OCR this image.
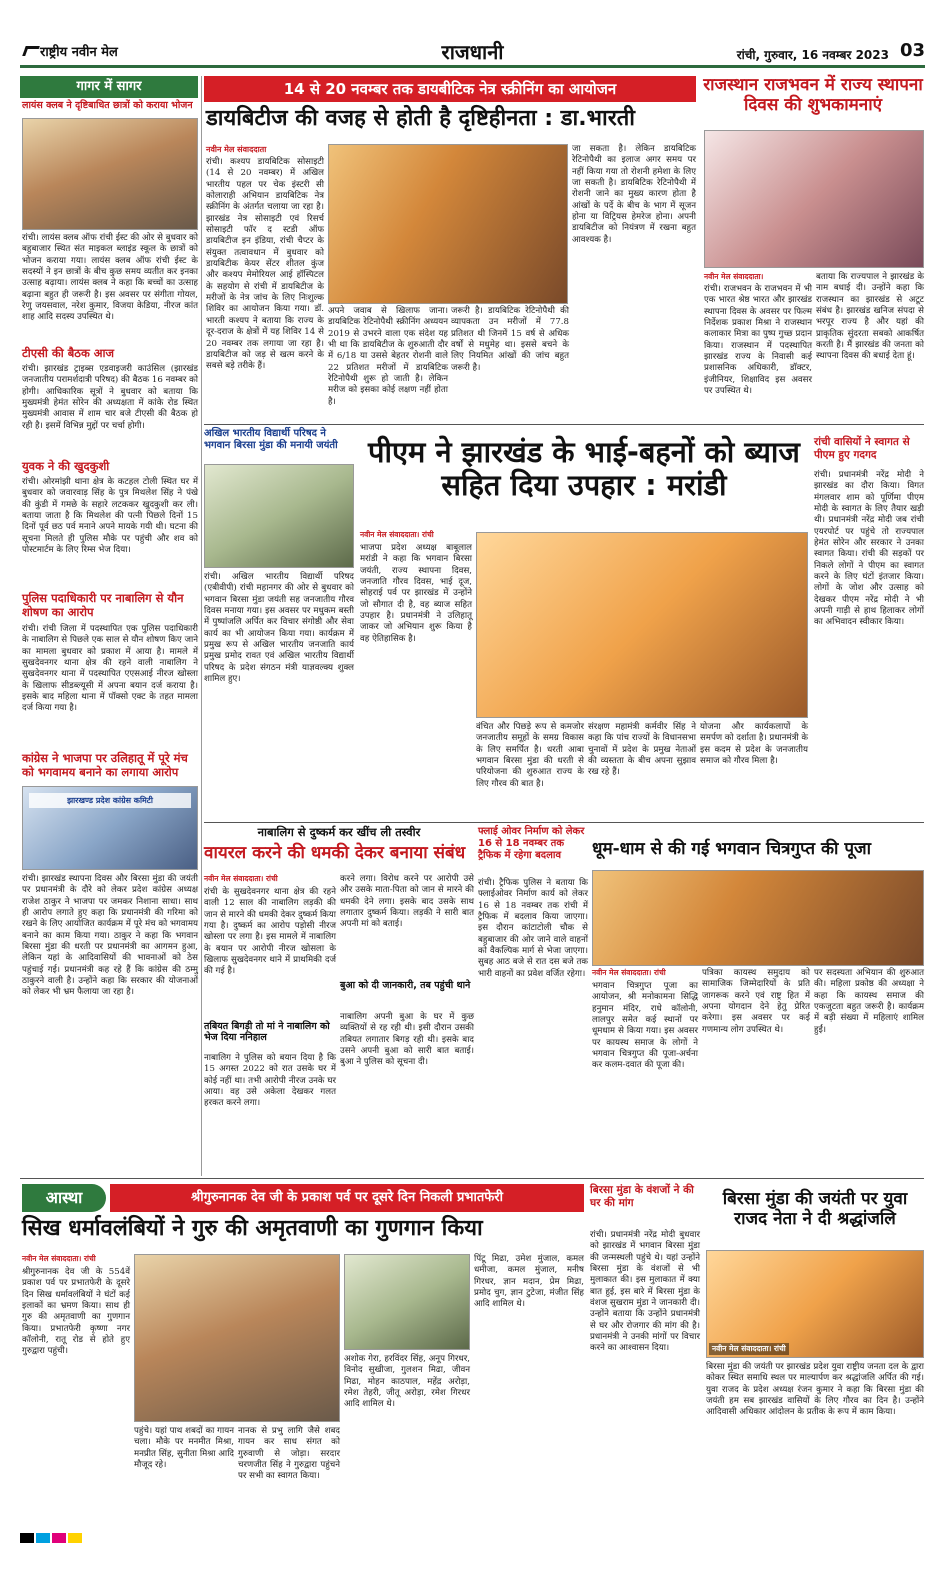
राष्ट्रीय नवीन मेल	राजधानी	रांची, गुरुवार, 16 नवम्बर 2023 03
गागर में सागर
लायंस क्लब ने दृष्टिबाधित छात्रों को कराया भोजन
रांची। लायंस क्लब ऑफ रांची ईस्ट की ओर से बुधवार को बहुबाजार स्थित संत माइकल ब्लाइंड स्कूल के छात्रों को भोजन कराया गया। लायंस क्लब ऑफ रांची ईस्ट के सदस्यों ने इन छात्रों के बीच कुछ समय व्यतीत कर इनका उत्साह बढ़ाया। लायंस क्लब ने कहा कि बच्चों का उत्साह बढ़ाना बहुत ही जरूरी है। इस अवसर पर संगीता गोयल, रेणु जयसवाल, नरेश कुमार, विजया केडिया, नीरज कांत शाह आदि सदस्य उपस्थित थे।
टीएसी की बैठक आज
रांची। झारखंड ट्राइब्स एडवाइजरी काउंसिल (झारखंड जनजातीय परामर्शदात्री परिषद) की बैठक 16 नवम्बर को होगी। आधिकारिक सूत्रों ने बुधवार को बताया कि मुख्यमंत्री हेमंत सोरेन की अध्यक्षता में कांके रोड स्थित मुख्यमंत्री आवास में शाम चार बजे टीएसी की बैठक हो रही है। इसमें विभिन्न मुद्दों पर चर्चा होगी।
युवक ने की खुदकुशी
रांची। ओरमांझी थाना क्षेत्र के कटहल टोली स्थित घर में बुधवार को जवारवाड़ सिंह के पुत्र मिथलेश सिंह ने पंखे की कुंडी में गमछे के सहारे लटककर खुदकुशी कर ली। बताया जाता है कि मिथलेश की पत्नी पिछले दिनों 15 दिनों पूर्व छठ पर्व मनाने अपने मायके गयी थी। घटना की सूचना मिलते ही पुलिस मौके पर पहुंची और शव को पोस्टमार्टम के लिए रिम्स भेज दिया।
पुलिस पदाधिकारी पर नाबालिग से यौन शोषण का आरोप
रांची। रांची जिला में पदस्थापित एक पुलिस पदाधिकारी के नाबालिग से पिछले एक साल से यौन शोषण किए जाने का मामला बुधवार को प्रकाश में आया है। मामले में सुखदेवनगर थाना क्षेत्र की रहने वाली नाबालिग ने सुखदेवनगर थाना में पदस्थापित एएसआई नीरज खोस्ला के खिलाफ सीडब्ल्यूसी में अपना बयान दर्ज कराया है। इसके बाद महिला थाना में पॉक्सो एक्ट के तहत मामला दर्ज किया गया है।
कांग्रेस ने भाजपा पर उलिहातू में पूरे मंच को भगवामय बनाने का लगाया आरोप
झारखण्ड प्रदेश कांग्रेस कमिटी
रांची। झारखंड स्थापना दिवस और बिरसा मुंडा की जयंती पर प्रधानमंत्री के दौरे को लेकर प्रदेश कांग्रेस अध्यक्ष राजेश ठाकुर ने भाजपा पर जमकर निशाना साधा। साथ ही आरोप लगाते हुए कहा कि प्रधानमंत्री की गरिमा को रखने के लिए आयोजित कार्यक्रम में पूरे मंच को भगवामय बनाने का काम किया गया। ठाकुर ने कहा कि भगवान बिरसा मुंडा की धरती पर प्रधानमंत्री का आगमन हुआ, लेकिन यहां के आदिवासियों की भावनाओं को ठेस पहुंचाई गई। प्रधानमंत्री कह रहे हैं कि कांग्रेस की ठम्मु ठाकुरने वाली है। उन्होंने कहा कि सरकार की योजनाओं को लेकर भी भ्रम फैलाया जा रहा है।
14 से 20 नवम्बर तक डायबीटिक नेत्र स्क्रीनिंग का आयोजन
डायबिटीज की वजह से होती है दृष्टिहीनता : डा.भारती
नवीन मेल संवाददाता
रांची। कश्यप डायबिटिक सोसाइटी (14 से 20 नवम्बर) में अखिल भारतीय पहल पर चेक इंस्टरी सी कोलाराही अभियान डायबिटिक नेत्र स्क्रीनिंग के अंतर्गत चलाया जा रहा है। झारखंड नेत्र सोसाइटी एवं रिसर्च सोसाइटी फॉर द स्टडी ऑफ डायबिटीज इन इंडिया, रांची चैप्टर के संयुक्त तत्वावधान में बुधवार को डायबिटीक केयर सेंटर शीतल कुंज और कश्यप मेमोरियल आई हॉस्पिटल के सहयोग से रांची में डायबिटीज के मरीजों के नेत्र जांच के लिए निःशुल्क शिविर का आयोजन किया गया। डॉ. भारती कश्यप ने बताया कि राज्य के दूर-दराज के क्षेत्रों में यह शिविर 14 से 20 नवम्बर तक लगाया जा रहा है। डायबिटीज को जड़ से खत्म करने के सबसे बड़े तरीके हैं।
अपने जवाब से खिलाफ जाना। डायबिटिक रेटिनोपैथी स्क्रीनिंग अध्ययन 2019 से उभरने वाला एक संदेश यह भी था कि डायबिटीज के शुरुआती दौर में 6/18 या उससे बेहतर रोशनी वाले 22 प्रतिशत मरीजों में डायबिटिक रेटिनोपैथी शुरू हो जाती है। लेकिन मरीज को इसका कोई लक्षण नहीं होता है।
जरूरी है। डायबिटिक रेटिनोपैथी की व्यापकता उन मरीजों में 77.8 प्रतिशत थी जिनमें 15 वर्ष से अधिक वर्षों से मधुमेह था। इससे बचने के लिए नियमित आंखों की जांच बहुत जरूरी है।
जा सकता है। लेकिन डायबिटिक रेटिनोपैथी का इलाज अगर समय पर नहीं किया गया तो रोशनी हमेशा के लिए जा सकती है। डायबिटिक रेटिनोपैथी में रोशनी जाने का मुख्य कारण होता है आंखों के पर्दे के बीच के भाग में सूजन होना या विट्रियस हेमरेज होना। अपनी डायबिटीज को नियंत्रण में रखना बहुत आवश्यक है।
राजस्थान राजभवन में राज्य स्थापना दिवस की शुभकामनाएं
नवीन मेल संवाददाता।
रांची। राजभवन के राजभवन में भी एक भारत श्रेष्ठ भारत और झारखंड स्थापना दिवस के अवसर पर फिल्म निर्देशक प्रकाश मिश्रा ने राजस्थान कलाकार मित्रा का पुष्प गुच्छ प्रदान किया। राजस्थान में पदस्थापित झारखंड राज्य के निवासी कई प्रशासनिक अधिकारी, डॉक्टर, इंजीनियर, शिक्षाविद इस अवसर पर उपस्थित थे।
बताया कि राज्यपाल ने झारखंड के नाम बधाई दी। उन्होंने कहा कि राजस्थान का झारखंड से अटूट संबंध है। झारखंड खनिज संपदा से भरपूर राज्य है और यहां की प्राकृतिक सुंदरता सबको आकर्षित करती है। मैं झारखंड की जनता को स्थापना दिवस की बधाई देता हूं।
अखिल भारतीय विद्यार्थी परिषद ने भगवान बिरसा मुंडा की मनायी जयंती
रांची। अखिल भारतीय विद्यार्थी परिषद (एबीवीपी) रांची महानगर की ओर से बुधवार को भगवान बिरसा मुंडा जयंती सह जनजातीय गौरव दिवस मनाया गया। इस अवसर पर मधुकम बस्ती में पुष्पांजलि अर्पित कर विचार संगोष्ठी और सेवा कार्य का भी आयोजन किया गया। कार्यक्रम में प्रमुख रूप से अखिल भारतीय जनजाति कार्य प्रमुख प्रमोद रावत एवं अखिल भारतीय विद्यार्थी परिषद के प्रदेश संगठन मंत्री याज्ञवल्क्य शुक्ल शामिल हुए।
पीएम ने झारखंड के भाई-बहनों को ब्याज सहित दिया उपहार : मरांडी
नवीन मेल संवाददाता। रांची
भाजपा प्रदेश अध्यक्ष बाबूलाल मरांडी ने कहा कि भगवान बिरसा जयंती, राज्य स्थापना दिवस, जनजाति गौरव दिवस, भाई दूज, सोहराई पर्व पर झारखंड में उन्होंने जो सौगात दी है, वह ब्याज सहित उपहार है। प्रधानमंत्री ने उलिहातू जाकर जो अभियान शुरू किया है वह ऐतिहासिक है।
वंचित और पिछड़े रूप से कमजोर जनजातीय समूहों के समग्र विकास के लिए समर्पित है। धरती आबा भगवान बिरसा मुंडा की धरती से परियोजना की शुरुआत राज्य के लिए गौरव की बात है।
संरक्षण महामंत्री कर्मवीर सिंह ने कहा कि पांच राज्यों के विधानसभा चुनावों में प्रदेश के प्रमुख नेताओं की व्यस्तता के बीच अपना सुझाव रख रहे हैं।
योजना और कार्यकलापों के समर्पण को दर्शाता है। प्रधानमंत्री के इस कदम से प्रदेश के जनजातीय समाज को गौरव मिला है।
रांची वासियों ने स्वागत से पीएम हुए गदगद
रांची। प्रधानमंत्री नरेंद्र मोदी ने झारखंड का दौरा किया। विगत मंगलवार शाम को पूर्णिमा पीएम मोदी के स्वागत के लिए तैयार खड़ी थी। प्रधानमंत्री नरेंद्र मोदी जब रांची एयरपोर्ट पर पहुंचे तो राज्यपाल हेमंत सोरेन और सरकार ने उनका स्वागत किया। रांची की सड़कों पर निकले लोगों ने पीएम का स्वागत करने के लिए घंटों इंतजार किया। लोगों के जोश और उत्साह को देखकर पीएम नरेंद्र मोदी ने भी अपनी गाड़ी से हाथ हिलाकर लोगों का अभिवादन स्वीकार किया।
नाबालिग से दुष्कर्म कर खींच ली तस्वीर
वायरल करने की धमकी देकर बनाया संबंध
नवीन मेल संवाददाता। रांची
रांची के सुखदेवनगर थाना क्षेत्र की रहने वाली 12 साल की नाबालिग लड़की की जान से मारने की धमकी देकर दुष्कर्म किया गया है। दुष्कर्म का आरोप पड़ोसी नीरज खोस्ला पर लगा है। इस मामले में नाबालिग के बयान पर आरोपी नीरज खोसला के खिलाफ सुखदेवनगर थाने में प्राथमिकी दर्ज की गई है।
तबियत बिगड़ी तो मां ने नाबालिग को भेज दिया ननिहाल
नाबालिग ने पुलिस को बयान दिया है कि 15 अगस्त 2022 को रात उसके घर में कोई नहीं था। तभी आरोपी नीरज उनके घर आया। वह उसे अकेला देखकर गलत हरकत करने लगा।
करने लगा। विरोध करने पर आरोपी उसे और उसके माता-पिता को जान से मारने की धमकी देने लगा। इसके बाद उसके साथ लगातार दुष्कर्म किया। लड़की ने सारी बात अपनी मां को बताई।
बुआ को दी जानकारी, तब पहुंची थाने
नाबालिग अपनी बुआ के घर में कुछ व्यक्तियों से रह रही थी। इसी दौरान उसकी तबियत लगातार बिगड़ रही थी। इसके बाद उसने अपनी बुआ को सारी बात बताई। बुआ ने पुलिस को सूचना दी।
फ्लाई ओवर निर्माण को लेकर 16 से 18 नवम्बर तक ट्रैफिक में रहेगा बदलाव
रांची। ट्रैफिक पुलिस ने बताया कि फ्लाईओवर निर्माण कार्य को लेकर 16 से 18 नवम्बर तक रांची में ट्रैफिक में बदलाव किया जाएगा। इस दौरान कांटाटोली चौक से बहुबाजार की ओर जाने वाले वाहनों को वैकल्पिक मार्ग से भेजा जाएगा। सुबह आठ बजे से रात दस बजे तक भारी वाहनों का प्रवेश वर्जित रहेगा।
धूम-धाम से की गई भगवान चित्रगुप्त की पूजा
नवीन मेल संवाददाता। रांची
भगवान चित्रगुप्त पूजा का आयोजन, श्री मनोकामना सिद्धि हनुमान मंदिर, राधे कॉलोनी, लालपुर समेत कई स्थानों पर धूमधाम से किया गया। इस अवसर पर कायस्थ समाज के लोगों ने भगवान चित्रगुप्त की पूजा-अर्चना कर कलम-दवात की पूजा की।
पत्रिका कायस्थ समुदाय को सामाजिक जिम्मेदारियों के प्रति जागरूक करने एवं राष्ट्र हित में अपना योगदान देने हेतु प्रेरित करेगा। इस अवसर पर कई गणमान्य लोग उपस्थित थे।
पर सदस्यता अभियान की शुरुआत की। महिला प्रकोष्ठ की अध्यक्षा ने कहा कि कायस्थ समाज की एकजुटता बहुत जरूरी है। कार्यक्रम में बड़ी संख्या में महिलाएं शामिल हुईं।
आस्था	श्रीगुरुनानक देव जी के प्रकाश पर्व पर दूसरे दिन निकली प्रभातफेरी
सिख धर्मावलंबियों ने गुरु की अमृतवाणी का गुणगान किया
नवीन मेल संवाददाता। रांची
श्रीगुरुनानक देव जी के 554वें प्रकाश पर्व पर प्रभातफेरी के दूसरे दिन सिख धर्मावलंबियों ने घंटों कई इलाकों का भ्रमण किया। साथ ही गुरु की अमृतवाणी का गुणगान किया। प्रभातफेरी कृष्णा नगर कॉलोनी, रातू रोड से होते हुए गुरुद्वारा पहुंची।
पहुंचे। यहां पाथ शबदों का गायन चला। मौके पर मनमीत मिश्रा, मनप्रीत सिंह, सुनीता मिश्रा आदि मौजूद रहे।
नानक से प्रभु लागि जैसे शबद गायन कर साध संगत को गुरुवाणी से जोड़ा। सरदार चरणजीत सिंह ने गुरुद्वारा पहुंचने पर सभी का स्वागत किया।
अशोक गेरा, हरविंदर सिंह, अनूप गिरधर, विनोद सुखीजा, गुलशन मिढा, जीवन मिढा, मोहन काठपाल, महेंद्र अरोड़ा, रमेश तेहरी, जीतू अरोड़ा, रमेश गिरधर आदि शामिल थे।
पिंटू मिढा, उमेश मुंजाल, कमल धमीजा, कमल मुंजाल, मनीष गिरधर, ज्ञान मदान, प्रेम मिढा, प्रमोद चुग, ज्ञान टुटेजा, मंजीत सिंह आदि शामिल थे।
बिरसा मुंडा के वंशजों ने की घर की मांग
रांची। प्रधानमंत्री नरेंद्र मोदी बुधवार को झारखंड में भगवान बिरसा मुंडा की जन्मस्थली पहुंचे थे। यहां उन्होंने बिरसा मुंडा के वंशजों से भी मुलाकात की। इस मुलाकात में क्या बात हुई, इस बारे में बिरसा मुंडा के वंशज सुखराम मुंडा ने जानकारी दी। उन्होंने बताया कि उन्होंने प्रधानमंत्री से घर और रोजगार की मांग की है। प्रधानमंत्री ने उनकी मांगों पर विचार करने का आश्वासन दिया।
बिरसा मुंडा की जयंती पर युवा राजद नेता ने दी श्रद्धांजलि
नवीन मेल संवाददाता। रांची
बिरसा मुंडा की जयंती पर झारखंड प्रदेश युवा राष्ट्रीय जनता दल के द्वारा कोकर स्थित समाधि स्थल पर माल्यार्पण कर श्रद्धांजलि अर्पित की गई। युवा राजद के प्रदेश अध्यक्ष रंजन कुमार ने कहा कि बिरसा मुंडा की जयंती हम सब झारखंड वासियों के लिए गौरव का दिन है। उन्होंने आदिवासी अधिकार आंदोलन के प्रतीक के रूप में काम किया।
